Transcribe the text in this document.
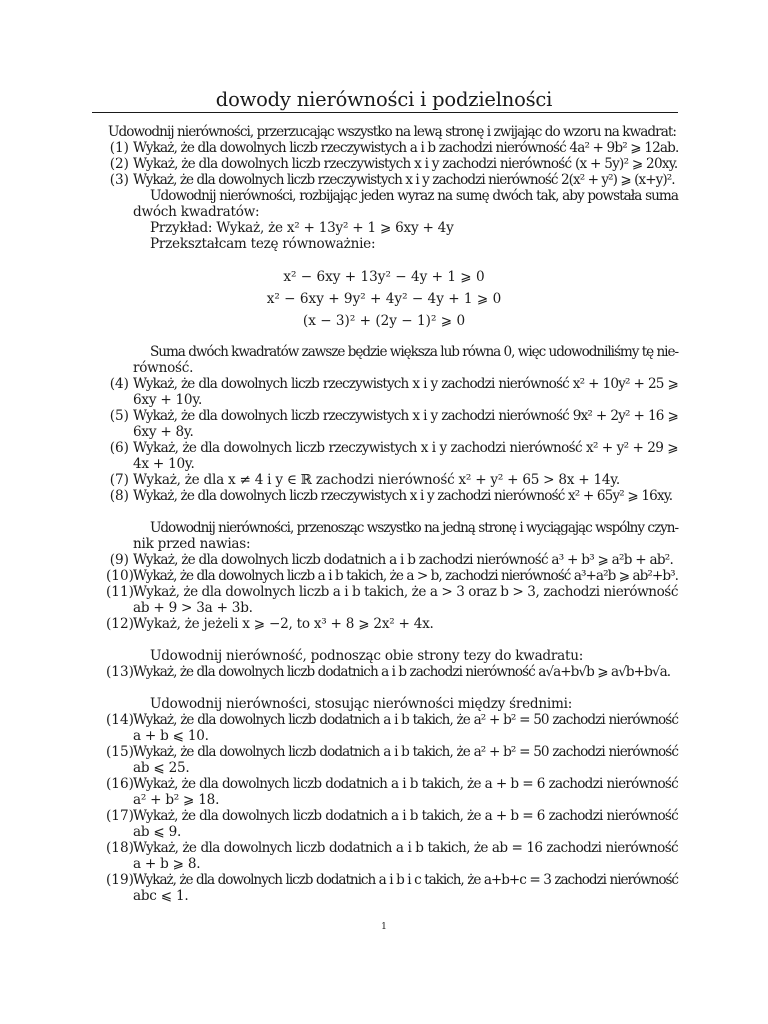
dowody nierówności i podzielności
Udowodnij nierówności, przerzucając wszystko na lewą stronę i zwijając do wzoru na kwadrat:
(1) Wykaż, że dla dowolnych liczb rzeczywistych a i b zachodzi nierówność 4a² + 9b² ⩾ 12ab.
(2) Wykaż, że dla dowolnych liczb rzeczywistych x i y zachodzi nierówność (x + 5y)² ⩾ 20xy.
(3) Wykaż, że dla dowolnych liczb rzeczywistych x i y zachodzi nierówność 2(x² + y²) ⩾ (x+y)².
Udowodnij nierówności, rozbijając jeden wyraz na sumę dwóch tak, aby powstała suma
dwóch kwadratów:
Przykład: Wykaż, że x² + 13y² + 1 ⩾ 6xy + 4y
Przekształcam tezę równoważnie:
x² − 6xy + 13y² − 4y + 1 ⩾ 0
x² − 6xy + 9y² + 4y² − 4y + 1 ⩾ 0
(x − 3)² + (2y − 1)² ⩾ 0
Suma dwóch kwadratów zawsze będzie większa lub równa 0, więc udowodniliśmy tę nie-
równość.
(4) Wykaż, że dla dowolnych liczb rzeczywistych x i y zachodzi nierówność x² + 10y² + 25 ⩾
6xy + 10y.
(5) Wykaż, że dla dowolnych liczb rzeczywistych x i y zachodzi nierówność 9x² + 2y² + 16 ⩾
6xy + 8y.
(6) Wykaż, że dla dowolnych liczb rzeczywistych x i y zachodzi nierówność x² + y² + 29 ⩾
4x + 10y.
(7) Wykaż, że dla x ≠ 4 i y ∈ ℝ zachodzi nierówność x² + y² + 65 > 8x + 14y.
(8) Wykaż, że dla dowolnych liczb rzeczywistych x i y zachodzi nierówność x² + 65y² ⩾ 16xy.
Udowodnij nierówności, przenosząc wszystko na jedną stronę i wyciągając wspólny czyn-
nik przed nawias:
(9) Wykaż, że dla dowolnych liczb dodatnich a i b zachodzi nierówność a³ + b³ ⩾ a²b + ab².
(10) Wykaż, że dla dowolnych liczb a i b takich, że a > b, zachodzi nierówność a³+a²b ⩾ ab²+b³.
(11) Wykaż, że dla dowolnych liczb a i b takich, że a > 3 oraz b > 3, zachodzi nierówność
ab + 9 > 3a + 3b.
(12) Wykaż, że jeżeli x ⩾ −2, to x³ + 8 ⩾ 2x² + 4x.
Udowodnij nierówność, podnosząc obie strony tezy do kwadratu:
(13) Wykaż, że dla dowolnych liczb dodatnich a i b zachodzi nierówność a√a+b√b ⩾ a√b+b√a.
Udowodnij nierówności, stosując nierówności między średnimi:
(14) Wykaż, że dla dowolnych liczb dodatnich a i b takich, że a² + b² = 50 zachodzi nierówność
a + b ⩽ 10.
(15) Wykaż, że dla dowolnych liczb dodatnich a i b takich, że a² + b² = 50 zachodzi nierówność
ab ⩽ 25.
(16) Wykaż, że dla dowolnych liczb dodatnich a i b takich, że a + b = 6 zachodzi nierówność
a² + b² ⩾ 18.
(17) Wykaż, że dla dowolnych liczb dodatnich a i b takich, że a + b = 6 zachodzi nierówność
ab ⩽ 9.
(18) Wykaż, że dla dowolnych liczb dodatnich a i b takich, że ab = 16 zachodzi nierówność
a + b ⩾ 8.
(19) Wykaż, że dla dowolnych liczb dodatnich a i b i c takich, że a+b+c = 3 zachodzi nierówność
abc ⩽ 1.
1
